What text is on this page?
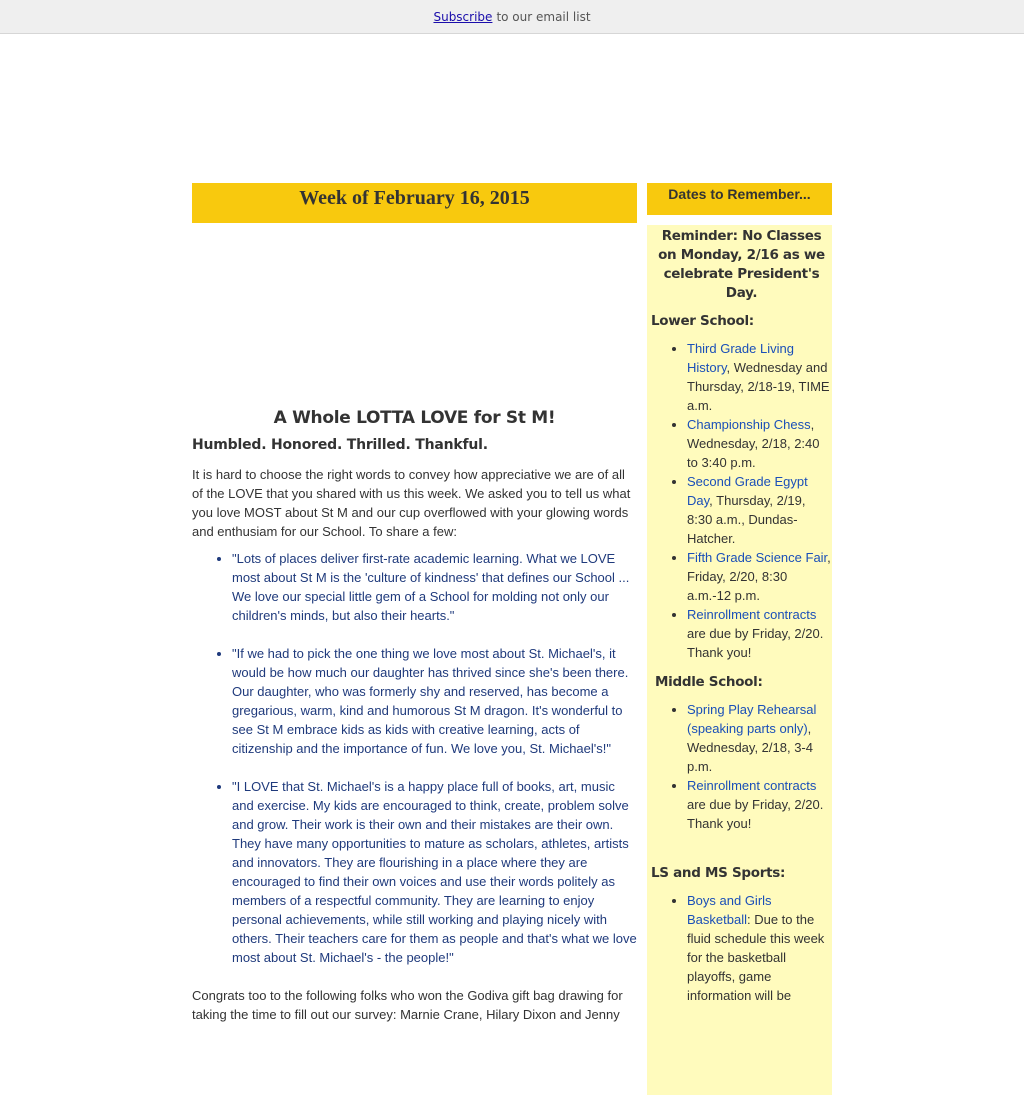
Subscribe to our email list
Week of February 16, 2015
A Whole LOTTA LOVE for St M!
Humbled. Honored. Thrilled. Thankful.

It is hard to choose the right words to convey how appreciative we are of all of the LOVE that you shared with us this week. We asked you to tell us what you love MOST about St M and our cup overflowed with your glowing words and enthusiam for our School. To share a few:

• "Lots of places deliver first-rate academic learning. What we LOVE most about St M is the 'culture of kindness' that defines our School ... We love our special little gem of a School for molding not only our children's minds, but also their hearts."
• "If we had to pick the one thing we love most about St. Michael's, it would be how much our daughter has thrived since she's been there. Our daughter, who was formerly shy and reserved, has become a gregarious, warm, kind and humorous St M dragon. It's wonderful to see St M embrace kids as kids with creative learning, acts of citizenship and the importance of fun. We love you, St. Michael's!"
• "I LOVE that St. Michael's is a happy place full of books, art, music and exercise. My kids are encouraged to think, create, problem solve and grow. Their work is their own and their mistakes are their own. They have many opportunities to mature as scholars, athletes, artists and innovators. They are flourishing in a place where they are encouraged to find their own voices and use their words politely as members of a respectful community. They are learning to enjoy personal achievements, while still working and playing nicely with others. Their teachers care for them as people and that's what we love most about St. Michael's - the people!"

Congrats too to the following folks who won the Godiva gift bag drawing for taking the time to fill out our survey: Marnie Crane, Hilary Dixon and Jenny

Dates to Remember...
Reminder: No Classes on Monday, 2/16 as we celebrate President's Day.
Lower School:
• Third Grade Living History, Wednesday and Thursday, 2/18-19, TIME a.m.
• Championship Chess, Wednesday, 2/18, 2:40 to 3:40 p.m.
• Second Grade Egypt Day, Thursday, 2/19, 8:30 a.m., Dundas-Hatcher.
• Fifth Grade Science Fair, Friday, 2/20, 8:30 a.m.-12 p.m.
• Reinrollment contracts are due by Friday, 2/20. Thank you!
Middle School:
• Spring Play Rehearsal (speaking parts only), Wednesday, 2/18, 3-4 p.m.
• Reinrollment contracts are due by Friday, 2/20. Thank you!
LS and MS Sports:
• Boys and Girls Basketball: Due to the fluid schedule this week for the basketball playoffs, game information will be
